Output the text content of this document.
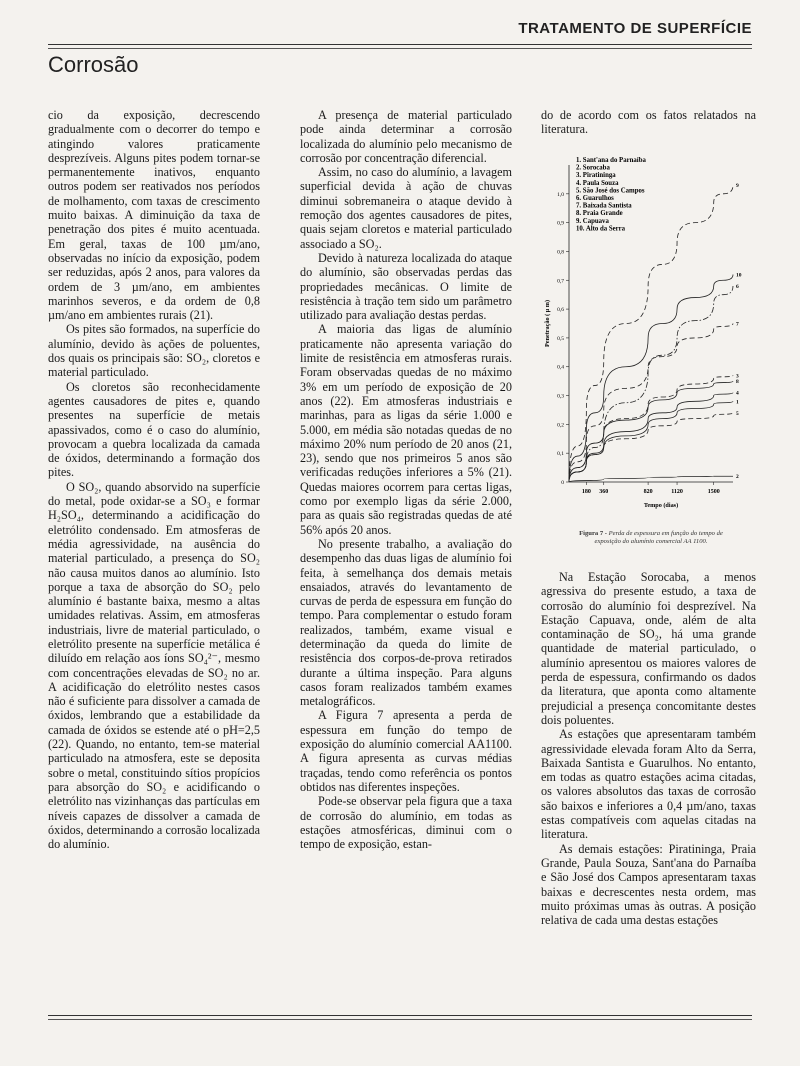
TRATAMENTO DE SUPERFÍCIE
Corrosão

cio da exposição, decrescendo gradualmente com o decorrer do tempo e atingindo valores praticamente desprezíveis. Alguns pites podem tornar-se permanentemente inativos, enquanto outros podem ser reativados nos períodos de molhamento, com taxas de crescimento muito baixas. A diminuição da taxa de penetração dos pites é muito acentuada. Em geral, taxas de 100 µm/ano, observadas no início da exposição, podem ser reduzidas, após 2 anos, para valores da ordem de 3 µm/ano, em ambientes marinhos severos, e da ordem de 0,8 µm/ano em ambientes rurais (21).

Os pites são formados, na superfície do alumínio, devido às ações de poluentes, dos quais os principais são: SO₂, cloretos e material particulado.

Os cloretos são reconhecidamente agentes causadores de pites e, quando presentes na superfície de metais apassivados, como é o caso do alumínio, provocam a quebra localizada da camada de óxidos, determinando a formação dos pites.

O SO₂, quando absorvido na superfície do metal, pode oxidar-se a SO₃ e formar H₂SO₄, determinando a acidificação do eletrólito condensado. Em atmosferas de média agressividade, na ausência do material particulado, a presença do SO₂ não causa muitos danos ao alumínio. Isto porque a taxa de absorção do SO₂ pelo alumínio é bastante baixa, mesmo a altas umidades relativas. Assim, em atmosferas industriais, livre de material particulado, o eletrólito presente na superfície metálica é diluído em relação aos íons SO₄²⁻, mesmo com concentrações elevadas de SO₂ no ar. A acidificação do eletrólito nestes casos não é suficiente para dissolver a camada de óxidos, lembrando que a estabilidade da camada de óxidos se estende até o pH=2,5 (22). Quando, no entanto, tem-se material particulado na atmosfera, este se deposita sobre o metal, constituindo sítios propícios para absorção do SO₂ e acidificando o eletrólito nas vizinhanças das partículas em níveis capazes de dissolver a camada de óxidos, determinando a corrosão localizada do alumínio.

A presença de material particulado pode ainda determinar a corrosão localizada do alumínio pelo mecanismo de corrosão por concentração diferencial.

Assim, no caso do alumínio, a lavagem superficial devida à ação de chuvas diminui sobremaneira o ataque devido à remoção dos agentes causadores de pites, quais sejam cloretos e material particulado associado a SO₂.

Devido à natureza localizada do ataque do alumínio, são observadas perdas das propriedades mecânicas. O limite de resistência à tração tem sido um parâmetro utilizado para avaliação destas perdas.

A maioria das ligas de alumínio praticamente não apresenta variação do limite de resistência em atmosferas rurais. Foram observadas quedas de no máximo 3% em um período de exposição de 20 anos (22). Em atmosferas industriais e marinhas, para as ligas da série 1.000 e 5.000, em média são notadas quedas de no máximo 20% num período de 20 anos (21, 23), sendo que nos primeiros 5 anos são verificadas reduções inferiores a 5% (21). Quedas maiores ocorrem para certas ligas, como por exemplo ligas da série 2.000, para as quais são registradas quedas de até 56% após 20 anos.

No presente trabalho, a avaliação do desempenho das duas ligas de alumínio foi feita, à semelhança dos demais metais ensaiados, através do levantamento de curvas de perda de espessura em função do tempo. Para complementar o estudo foram realizados, também, exame visual e determinação da queda do limite de resistência dos corpos-de-prova retirados durante a última inspeção. Para alguns casos foram realizados também exames metalográficos.

A Figura 7 apresenta a perda de espessura em função do tempo de exposição do alumínio comercial AA1100. A figura apresenta as curvas médias traçadas, tendo como referência os pontos obtidos nas diferentes inspeções.

Pode-se observar pela figura que a taxa de corrosão do alumínio, em todas as estações atmosféricas, diminui com o tempo de exposição, estan-

do de acordo com os fatos relatados na literatura.

0
0,1
0,2
0,3
0,4
0,5
0,6
0,7
0,8
0,9
1,0
180 360	820	1120	1500
Tempo (dias)
Penetração ( µ m)
1
2
3
4
5
6
7
8
9
10
1. Sant'ana do Parnaíba
2. Sorocaba
3. Piratininga
4. Paula Souza
5. São José dos Campos
6. Guarulhos
7. Baixada Santista
8. Praia Grande
9. Capuava
10. Alto da Serra
Figura 7 - Perda de espessura em função do tempo de exposição do alumínio comercial AA 1100.

Na Estação Sorocaba, a menos agressiva do presente estudo, a taxa de corrosão do alumínio foi desprezível. Na Estação Capuava, onde, além de alta contaminação de SO₂, há uma grande quantidade de material particulado, o alumínio apresentou os maiores valores de perda de espessura, confirmando os dados da literatura, que aponta como altamente prejudicial a presença concomitante destes dois poluentes.

As estações que apresentaram também agressividade elevada foram Alto da Serra, Baixada Santista e Guarulhos. No entanto, em todas as quatro estações acima citadas, os valores absolutos das taxas de corrosão são baixos e inferiores a 0,4 µm/ano, taxas estas compatíveis com aquelas citadas na literatura.

As demais estações: Piratininga, Praia Grande, Paula Souza, Sant'ana do Parnaíba e São José dos Campos apresentaram taxas baixas e decrescentes nesta ordem, mas muito próximas umas às outras. A posição relativa de cada uma destas estações
